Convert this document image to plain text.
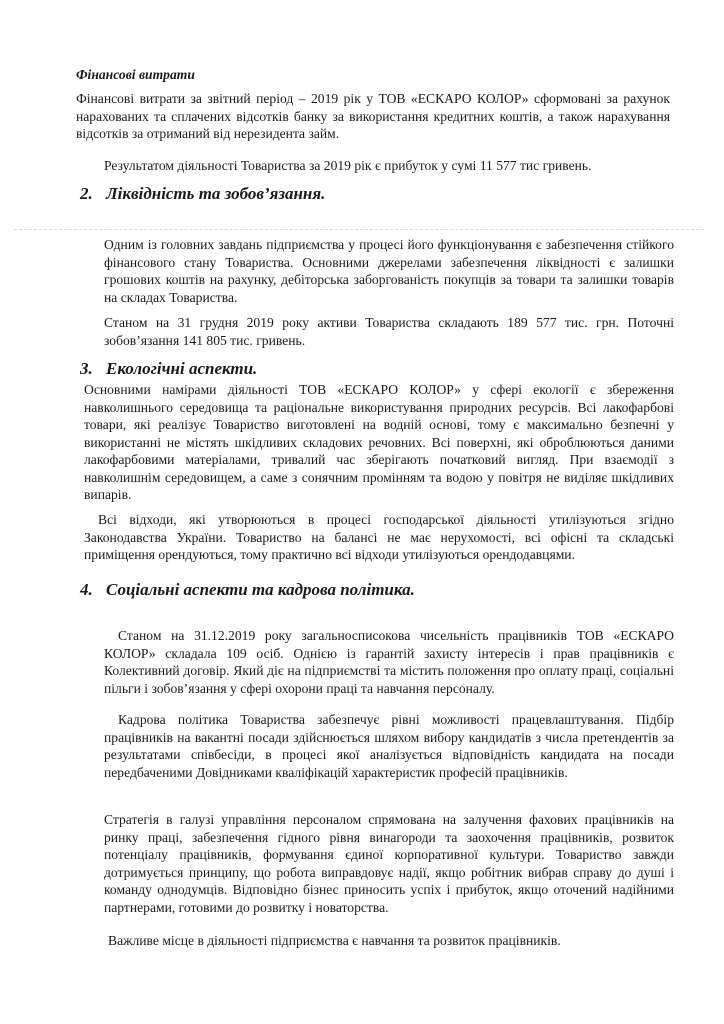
Фінансові витрати

Фінансові витрати за звітний період – 2019 рік у ТОВ «ЕСКАРО КОЛОР» сформовані за рахунок нарахованих та сплачених відсотків банку за використання кредитних коштів, а також нарахування відсотків за отриманий від нерезидента займ.

Результатом діяльності Товариства за 2019 рік є прибуток у сумі 11 577 тис гривень.

2. Ліквідність та зобов’язання.

Одним із головних завдань підприємства у процесі його функціонування є забезпечення стійкого фінансового стану Товариства. Основними джерелами забезпечення ліквідності є залишки грошових коштів на рахунку, дебіторська заборгованість покупців за товари та залишки товарів на складах Товариства.

Станом на 31 грудня 2019 року активи Товариства складають 189 577 тис. грн. Поточні зобов’язання 141 805 тис. гривень.

3. Екологічні аспекти.

Основними намірами діяльності ТОВ «ЕСКАРО КОЛОР» у сфері екології є збереження навколишнього середовища та раціональне використування природних ресурсів. Всі лакофарбові товари, які реалізує Товариство виготовлені на водній основі, тому є максимально безпечні у використанні не містять шкідливих складових речовних. Всі поверхні, які оброблюються даними лакофарбовими матеріалами, тривалий час зберігають початковий вигляд. При взаємодії з навколишнім середовищем, а саме з сонячним промінням та водою у повітря не виділяє шкідливих випарів.

Всі відходи, які утворюються в процесі господарської діяльності утилізуються згідно Законодавства України. Товариство на балансі не має нерухомості, всі офісні та складські приміщення орендуються, тому практично всі відходи утилізуються орендодавцями.

4. Соціальні аспекти та кадрова політика.

Станом на 31.12.2019 року загальносписокова чисельність працівників ТОВ «ЕСКАРО КОЛОР» складала 109 осіб. Однією із гарантій захисту інтересів і прав працівників є Колективний договір. Який діє на підприємстві та містить положення про оплату праці, соціальні пільги і зобов’язання у сфері охорони праці та навчання персоналу.

Кадрова політика Товариства забезпечує рівні можливості працевлаштування. Підбір працівників на вакантні посади здійснюється шляхом вибору кандидатів з числа претендентів за результатами співбесіди, в процесі якої аналізується відповідність кандидата на посади передбаченими Довідниками кваліфікацій характеристик професій працівників.

Стратегія в галузі управління персоналом спрямована на залучення фахових працівників на ринку праці, забезпечення гідного рівня винагороди та заохочення працівників, розвиток потенціалу працівників, формування єдиної корпоративної культури. Товариство завжди дотримується принципу, що робота виправдовує надії, якщо робітник вибрав справу до душі і команду однодумців. Відповідно бізнес приносить успіх і прибуток, якщо оточений надійними партнерами, готовими до розвитку і новаторства.

Важливе місце в діяльності підприємства є навчання та розвиток працівників.
